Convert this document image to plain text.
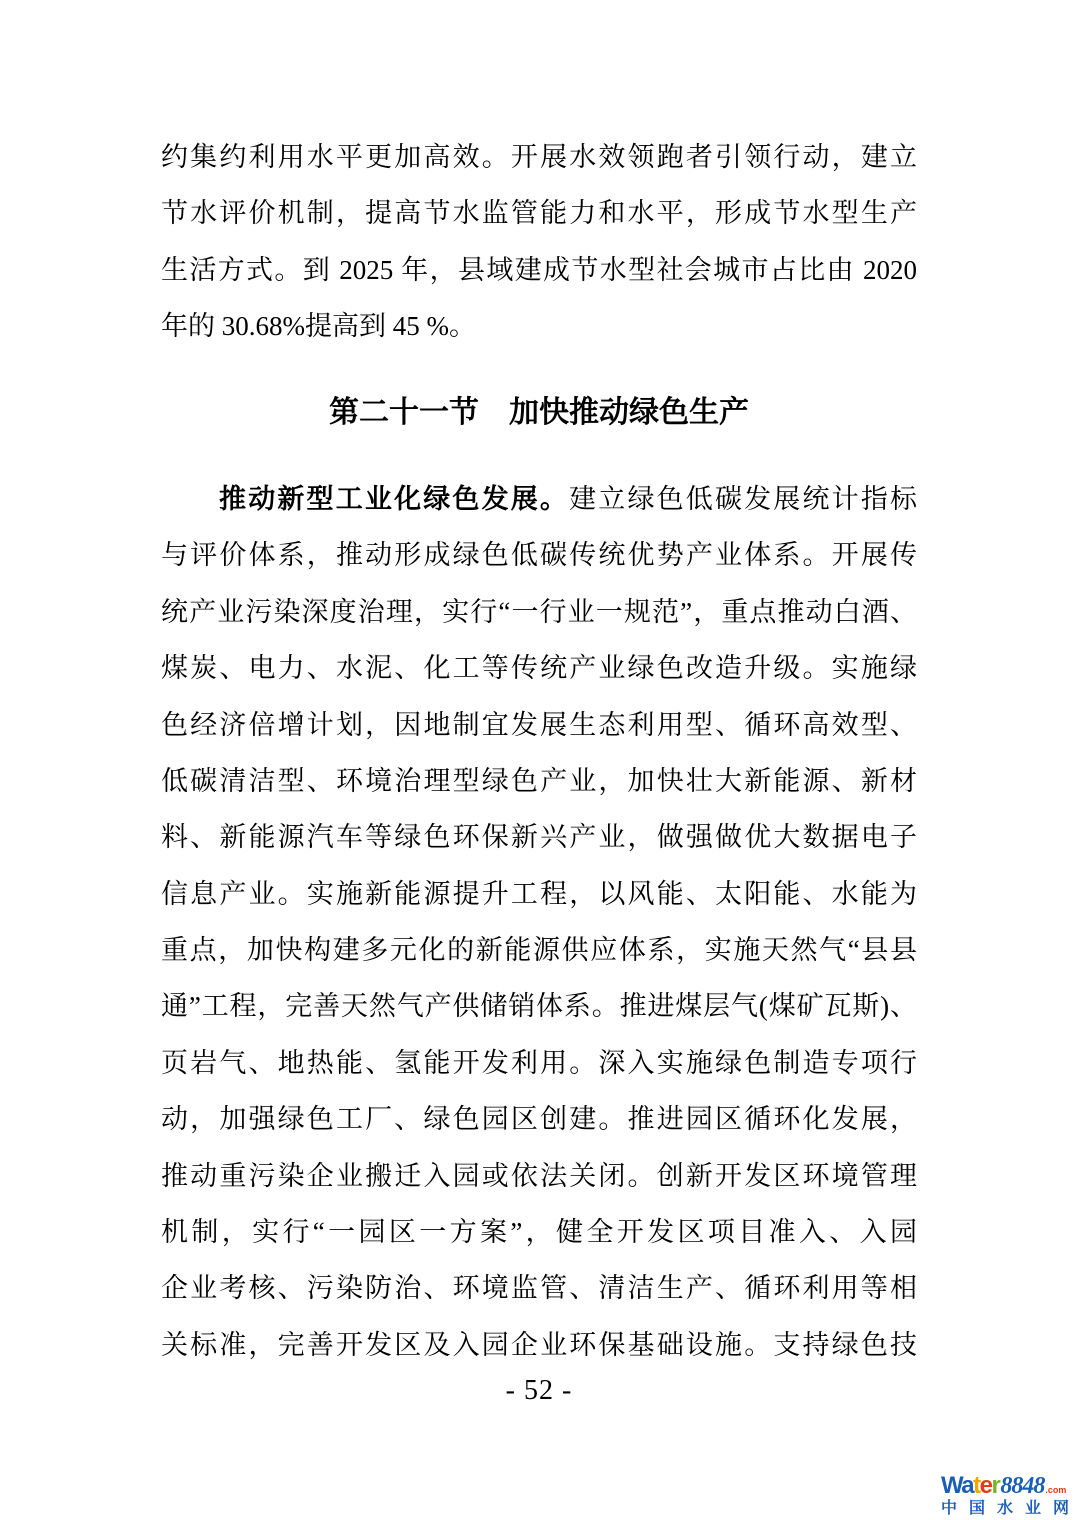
约集约利用水平更加高效。开展水效领跑者引领行动，建立
节水评价机制，提高节水监管能力和水平，形成节水型生产
生活方式。到 2025 年，县域建成节水型社会城市占比由 2020
年的 30.68%提高到 45 %。

第二十一节　加快推动绿色生产

推动新型工业化绿色发展。建立绿色低碳发展统计指标
与评价体系，推动形成绿色低碳传统优势产业体系。开展传
统产业污染深度治理，实行“一行业一规范”，重点推动白酒、
煤炭、电力、水泥、化工等传统产业绿色改造升级。实施绿
色经济倍增计划，因地制宜发展生态利用型、循环高效型、
低碳清洁型、环境治理型绿色产业，加快壮大新能源、新材
料、新能源汽车等绿色环保新兴产业，做强做优大数据电子
信息产业。实施新能源提升工程，以风能、太阳能、水能为
重点，加快构建多元化的新能源供应体系，实施天然气“县县
通”工程，完善天然气产供储销体系。推进煤层气(煤矿瓦斯)、
页岩气、地热能、氢能开发利用。深入实施绿色制造专项行
动，加强绿色工厂、绿色园区创建。推进园区循环化发展，
推动重污染企业搬迁入园或依法关闭。创新开发区环境管理
机制，实行“一园区一方案”，健全开发区项目准入、入园
企业考核、污染防治、环境监管、清洁生产、循环利用等相
关标准，完善开发区及入园企业环保基础设施。支持绿色技

- 52 -
Wa t e r 8848 .com
中 国 水 业 网
